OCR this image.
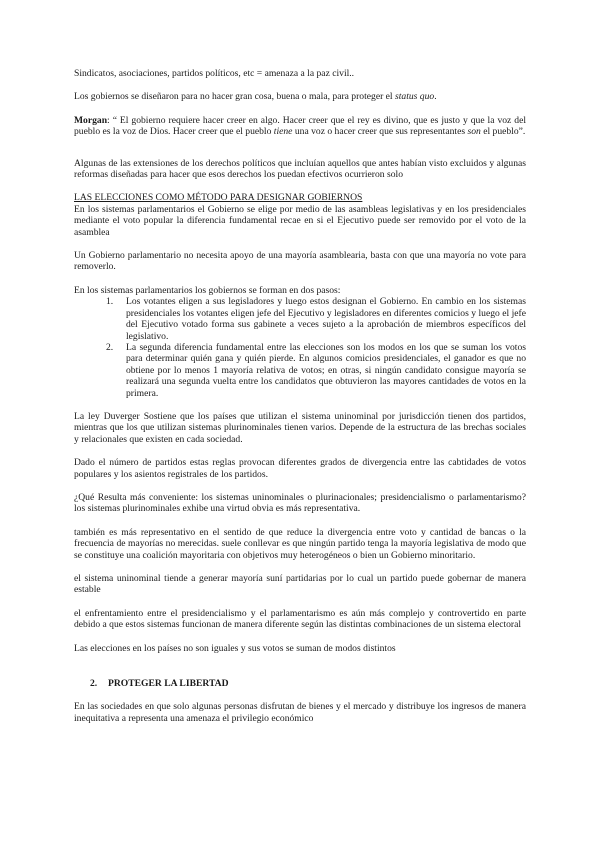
Sindicatos, asociaciones, partidos políticos, etc = amenaza a la paz civil..

Los gobiernos se diseñaron para no hacer gran cosa, buena o mala, para proteger el status quo.

Morgan: “ El gobierno requiere hacer creer en algo. Hacer creer que el rey es divino, que es justo y que la voz del pueblo es la voz de Dios. Hacer creer que el pueblo tiene una voz o hacer creer que sus representantes son el pueblo”.

Algunas de las extensiones de los derechos políticos que incluían aquellos que antes habían visto excluidos y algunas reformas diseñadas para hacer que esos derechos los puedan efectivos ocurrieron solo

LAS ELECCIONES COMO MÉTODO PARA DESIGNAR GOBIERNOS

En los sistemas parlamentarios el Gobierno se elige por medio de las asambleas legislativas y en los presidenciales mediante el voto popular la diferencia fundamental recae en si el Ejecutivo puede ser removido por el voto de la asamblea

Un Gobierno parlamentario no necesita apoyo de una mayoría asamblearia, basta con que una mayoría no vote para removerlo.

En los sistemas parlamentarios los gobiernos se forman en dos pasos:

1. Los votantes eligen a sus legisladores y luego estos designan el Gobierno. En cambio en los sistemas presidenciales los votantes eligen jefe del Ejecutivo y legisladores en diferentes comicios y luego el jefe del Ejecutivo votado forma sus gabinete a veces sujeto a la aprobación de miembros específicos del legislativo.
2. La segunda diferencia fundamental entre las elecciones son los modos en los que se suman los votos para determinar quién gana y quién pierde. En algunos comicios presidenciales, el ganador es que no obtiene por lo menos 1 mayoría relativa de votos; en otras, si ningún candidato consigue mayoría se realizará una segunda vuelta entre los candidatos que obtuvieron las mayores cantidades de votos en la primera.

La ley Duverger Sostiene que los países que utilizan el sistema uninominal por jurisdicción tienen dos partidos, mientras que los que utilizan sistemas plurinominales tienen varios. Depende de la estructura de las brechas sociales y relacionales que existen en cada sociedad.

Dado el número de partidos estas reglas provocan diferentes grados de divergencia entre las cabtidades de votos populares y los asientos registrales de los partidos.

¿Qué Resulta más conveniente: los sistemas uninominales o plurinacionales; presidencialismo o parlamentarismo? los sistemas plurinominales exhibe una virtud obvia es más representativa.

también es más representativo en el sentido de que reduce la divergencia entre voto y cantidad de bancas o la frecuencia de mayorías no merecidas. suele conllevar es que ningún partido tenga la mayoría legislativa de modo que se constituye una coalición mayoritaria con objetivos muy heterogéneos o bien un Gobierno minoritario.

el sistema uninominal tiende a generar mayoría suní partidarias por lo cual un partido puede gobernar de manera estable

el enfrentamiento entre el presidencialismo y el parlamentarismo es aún más complejo y controvertido en parte debido a que estos sistemas funcionan de manera diferente según las distintas combinaciones de un sistema electoral

Las elecciones en los países no son iguales y sus votos se suman de modos distintos

2. PROTEGER LA LIBERTAD

En las sociedades en que solo algunas personas disfrutan de bienes y el mercado y distribuye los ingresos de manera inequitativa a representa una amenaza el privilegio económico
